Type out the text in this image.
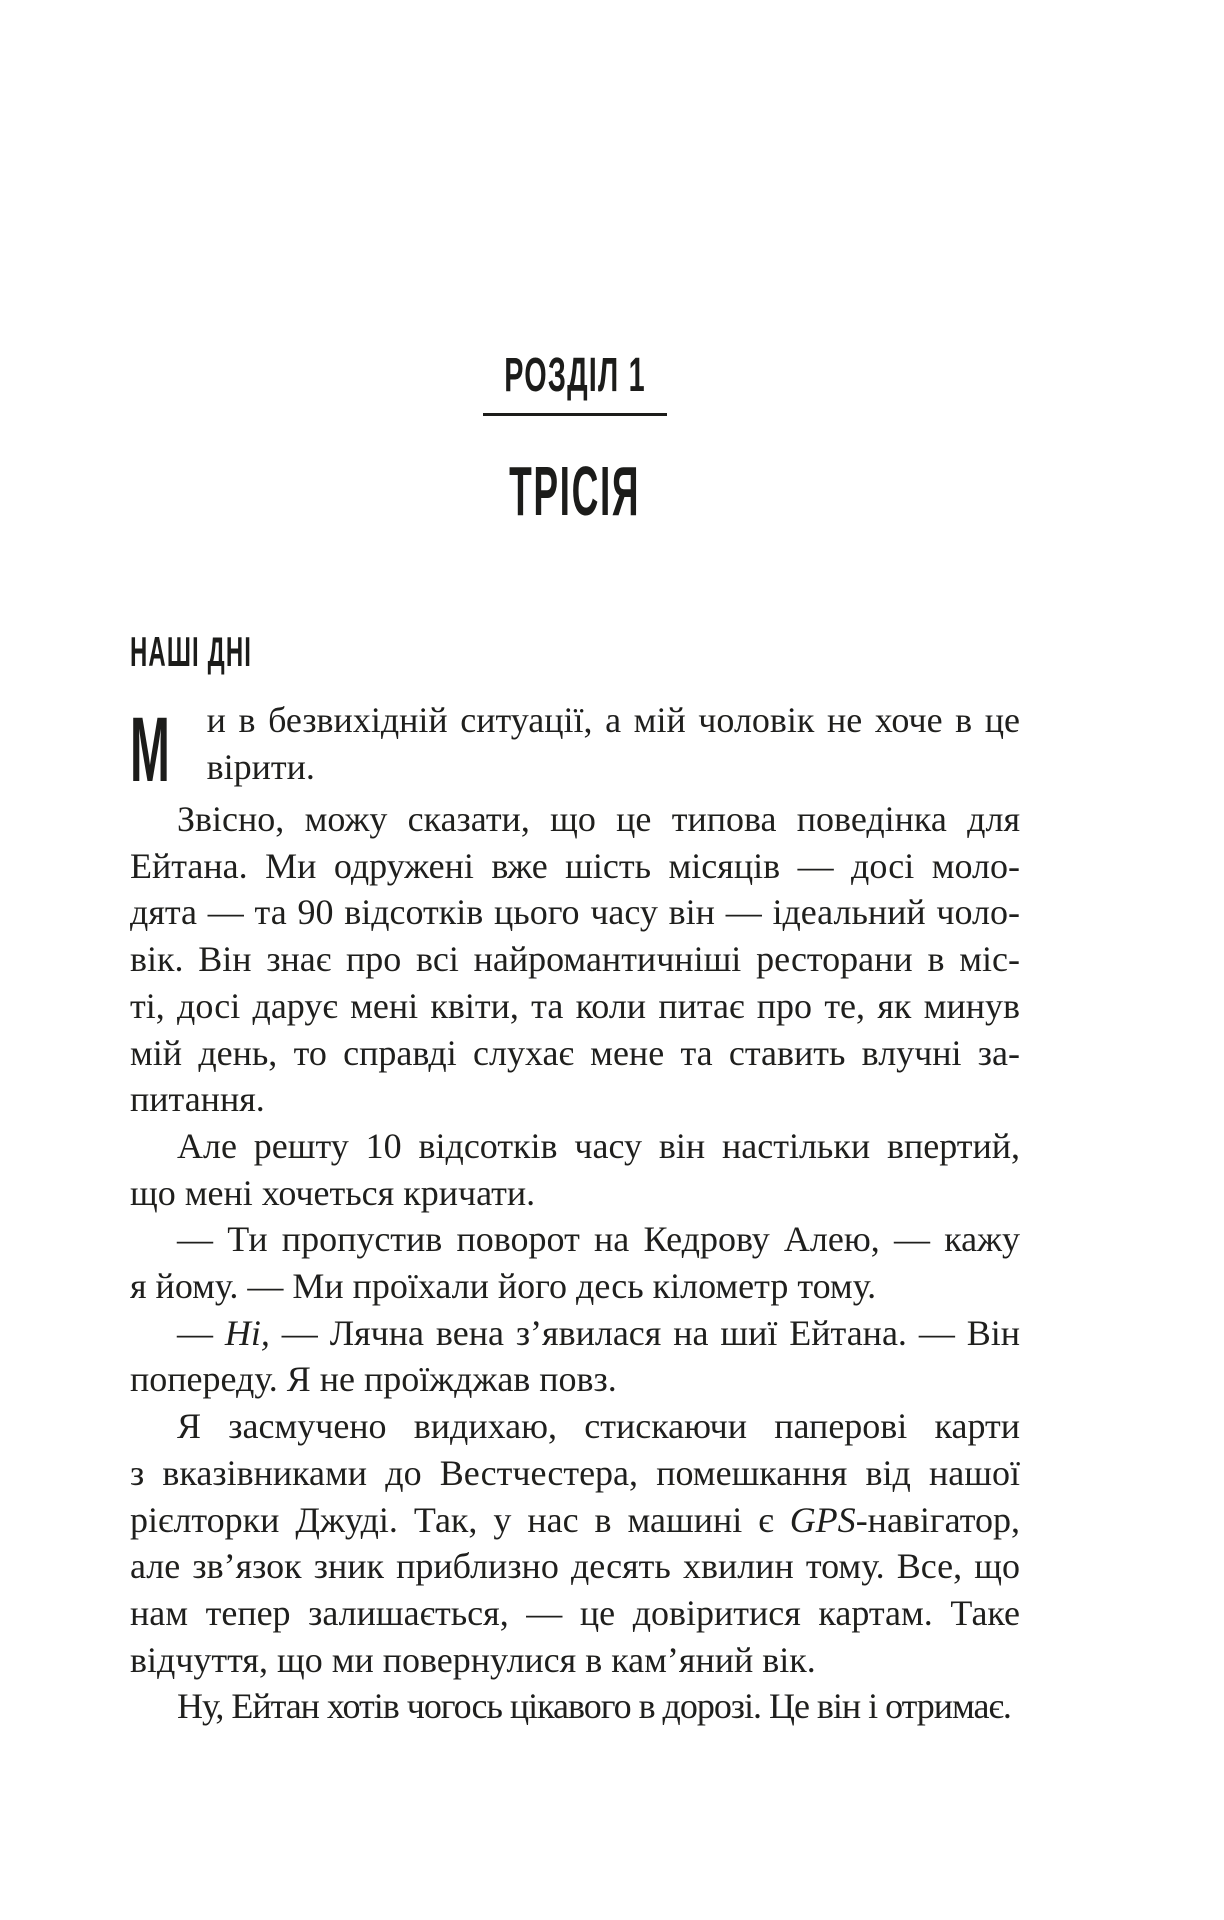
РОЗДІЛ 1
ТРІСІЯ
НАШІ ДНІ
М	и в безвихідній ситуації, а мій чоловік не хоче в це
вірити.
Звісно, можу сказати, що це типова поведінка для
Ейтана. Ми одружені вже шість місяців — досі моло-
дята — та 90 відсотків цього часу він — ідеальний чоло-
вік. Він знає про всі найромантичніші ресторани в міс-
ті, досі дарує мені квіти, та коли питає про те, як минув
мій день, то справді слухає мене та ставить влучні за-
питання.
Але решту 10 відсотків часу він настільки впертий,
що мені хочеться кричати.
— Ти пропустив поворот на Кедрову Алею, — кажу
я йому. — Ми проїхали його десь кілометр тому.
— Ні, — Лячна вена з’явилася на шиї Ейтана. — Він
попереду. Я не проїжджав повз.
Я засмучено видихаю, стискаючи паперові карти
з вказівниками до Вестчестера, помешкання від нашої
рієлторки Джуді. Так, у нас в машині є GPS-навігатор,
але зв’язок зник приблизно десять хвилин тому. Все, що
нам тепер залишається, — це довіритися картам. Таке
відчуття, що ми повернулися в кам’яний вік.
Ну, Ейтан хотів чогось цікавого в дорозі. Це він і отримає.
